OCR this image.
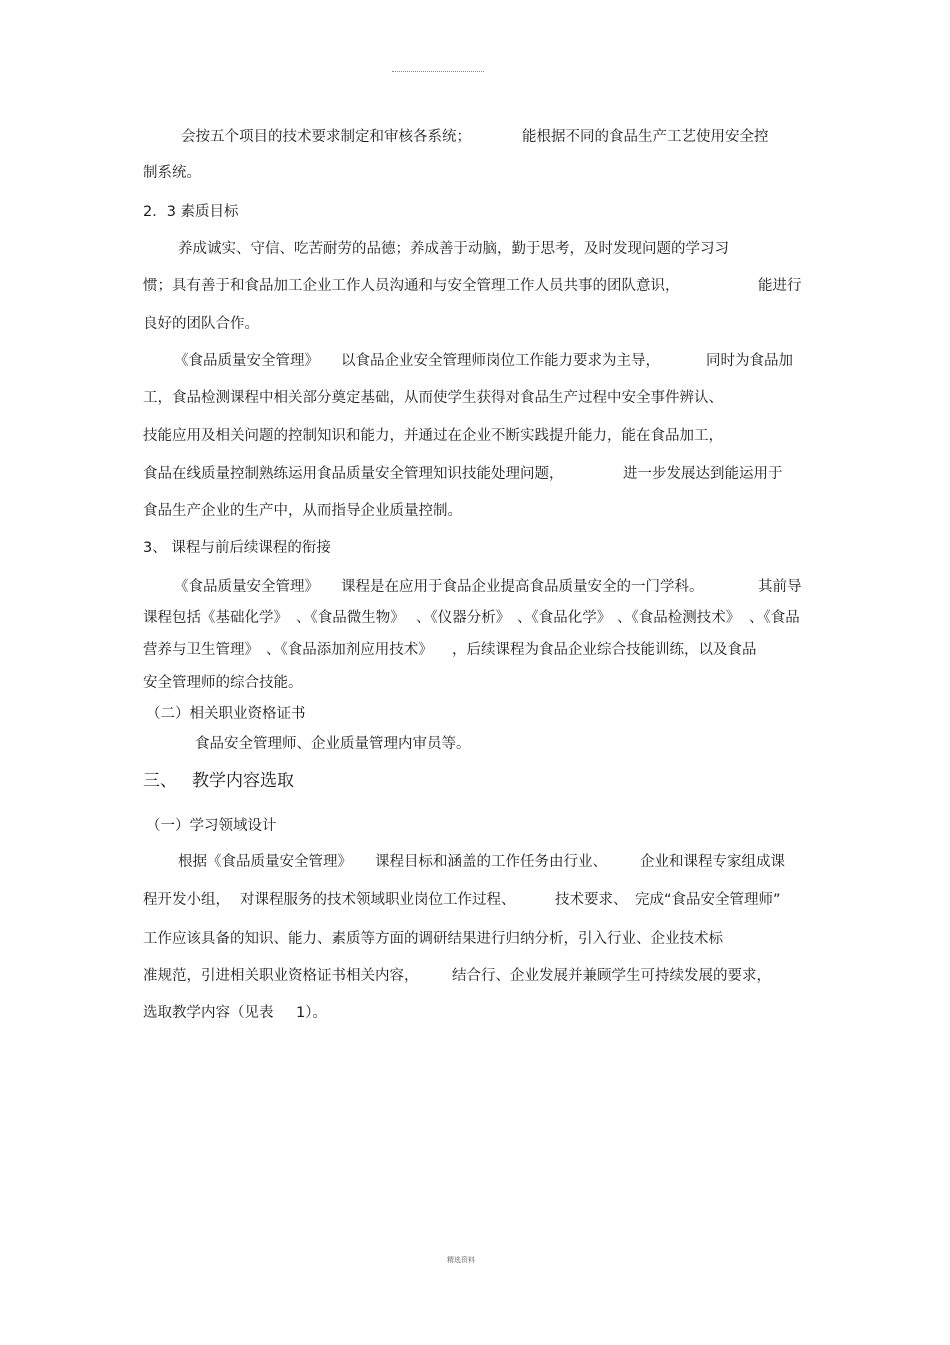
会按五个项目的技术要求制定和审核各系统；	能根据不同的食品生产工艺使用安全控
制系统。
2．3 素质目标
养成诚实、守信、吃苦耐劳的品德；养成善于动脑，勤于思考，及时发现问题的学习习
惯；具有善于和食品加工企业工作人员沟通和与安全管理工作人员共事的团队意识，	能进行
良好的团队合作。
《食品质量安全管理》 以食品企业安全管理师岗位工作能力要求为主导，	同时为食品加
工，食品检测课程中相关部分奠定基础，从而使学生获得对食品生产过程中安全事件辨认、
技能应用及相关问题的控制知识和能力，并通过在企业不断实践提升能力，能在食品加工，
食品在线质量控制熟练运用食品质量安全管理知识技能处理问题，	进一步发展达到能运用于
食品生产企业的生产中，从而指导企业质量控制。
3、 课程与前后续课程的衔接
《食品质量安全管理》 课程是在应用于食品企业提高食品质量安全的一门学科。	其前导
课程包括《基础化学》 、《食品微生物》 、《仪器分析》 、《食品化学》 、《食品检测技术》 、《食品
营养与卫生管理》 、《食品添加剂应用技术》 ，后续课程为食品企业综合技能训练，以及食品
安全管理师的综合技能。
（二）相关职业资格证书
食品安全管理师、企业质量管理内审员等。
三、 教学内容选取
（一）学习领域设计
根据《食品质量安全管理》 课程目标和涵盖的工作任务由行业、 企业和课程专家组成课
程开发小组， 对课程服务的技术领域职业岗位工作过程、	技术要求、 完成“食品安全管理师”
工作应该具备的知识、能力、素质等方面的调研结果进行归纳分析，引入行业、企业技术标
准规范，引进相关职业资格证书相关内容， 结合行、企业发展并兼顾学生可持续发展的要求，
选取教学内容（见表 1）。
精选资料
